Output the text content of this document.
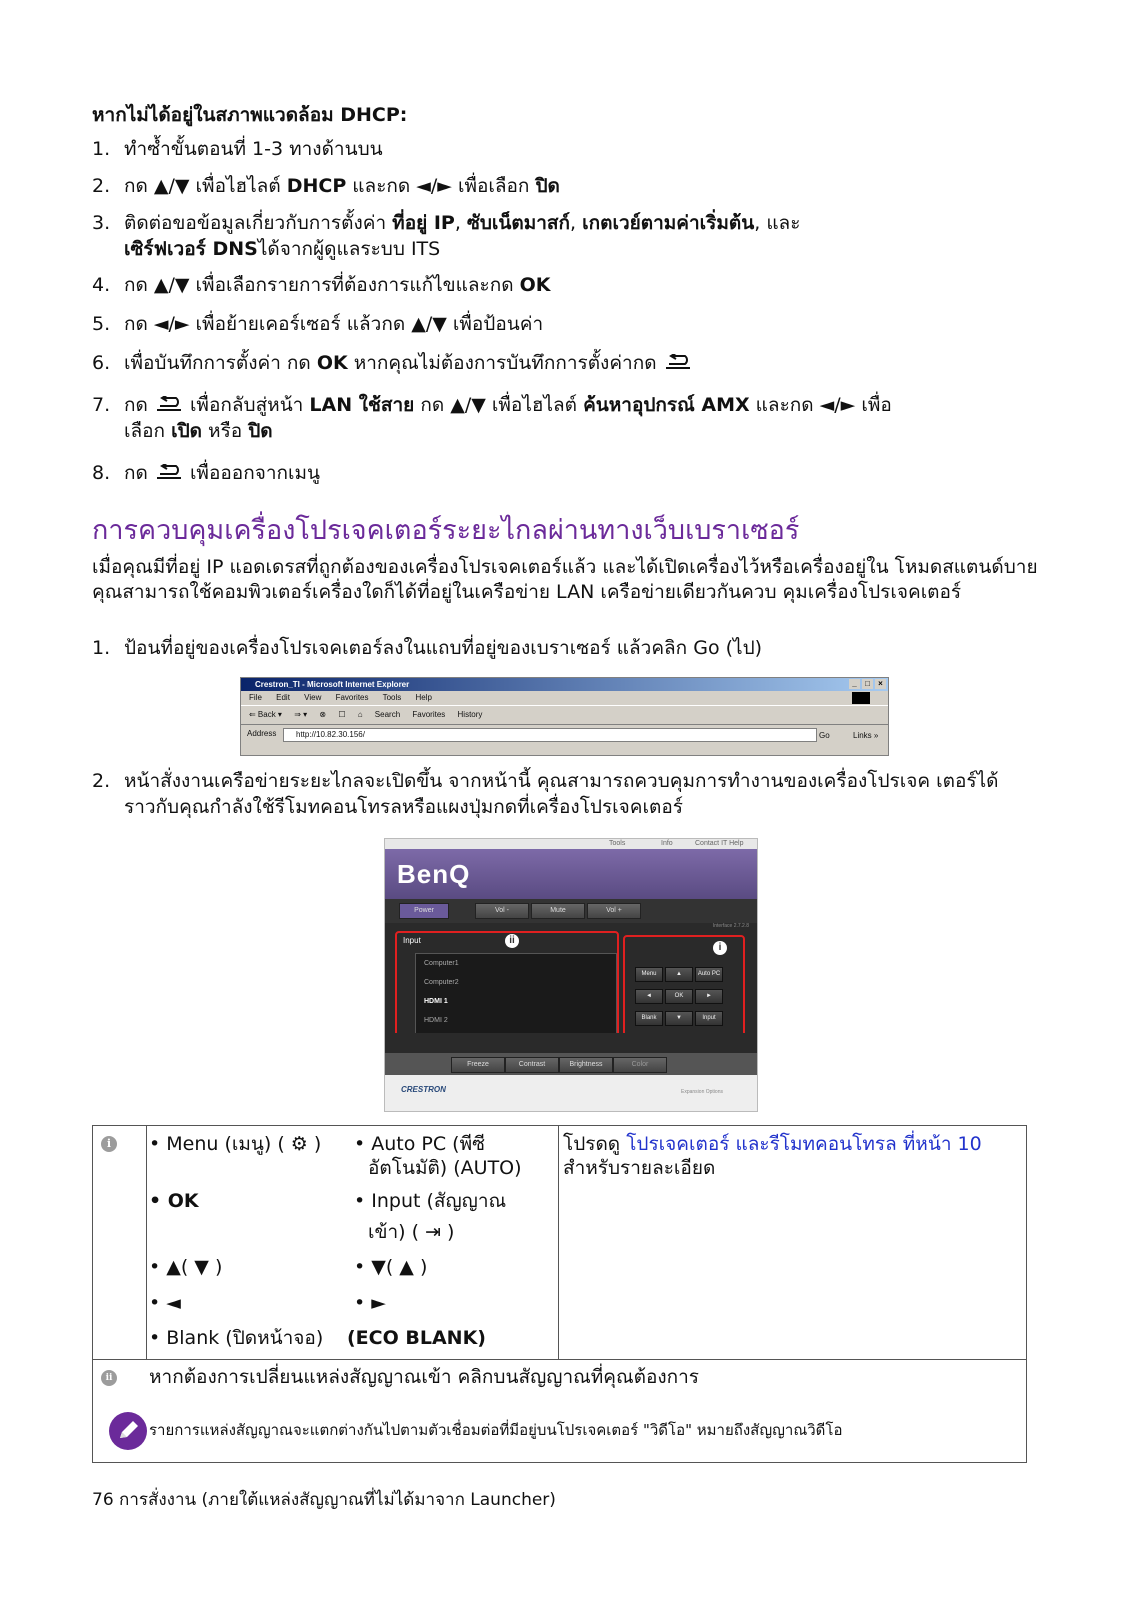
หากไม่ได้อยู่ในสภาพแวดล้อม DHCP:
1. ทำซ้ำขั้นตอนที่ 1-3 ทางด้านบน
2. กด ▲/▼ เพื่อไฮไลต์ DHCP และกด ◄/► เพื่อเลือก ปิด
3. ติดต่อขอข้อมูลเกี่ยวกับการตั้งค่า ที่อยู่ IP, ซับเน็ตมาสก์, เกตเวย์ตามค่าเริ่มต้น, และ
เซิร์ฟเวอร์ DNSได้จากผู้ดูแลระบบ ITS
4. กด ▲/▼ เพื่อเลือกรายการที่ต้องการแก้ไขและกด OK
5. กด ◄/► เพื่อย้ายเคอร์เซอร์ แล้วกด ▲/▼ เพื่อป้อนค่า
6. เพื่อบันทึกการตั้งค่า กด OK หากคุณไม่ต้องการบันทึกการตั้งค่ากด
7. กด เพื่อกลับสู่หน้า LAN ใช้สาย กด ▲/▼ เพื่อไฮไลต์ ค้นหาอุปกรณ์ AMX และกด ◄/► เพื่อ
เลือก เปิด หรือ ปิด
8. กด เพื่อออกจากเมนู
การควบคุมเครื่องโปรเจคเตอร์ระยะไกลผ่านทางเว็บเบราเซอร์
เมื่อคุณมีที่อยู่ IP แอดเดรสที่ถูกต้องของเครื่องโปรเจคเตอร์แล้ว และได้เปิดเครื่องไว้หรือเครื่องอยู่ใน โหมดสแตนด์บาย คุณสามารถใช้คอมพิวเตอร์เครื่องใดก็ได้ที่อยู่ในเครือข่าย LAN เครือข่ายเดียวกันควบ คุมเครื่องโปรเจคเตอร์
1. ป้อนที่อยู่ของเครื่องโปรเจคเตอร์ลงในแถบที่อยู่ของเบราเซอร์ แล้วคลิก Go (ไป)
Crestron_TI - Microsoft Internet Explorer	_	□	×
File Edit View Favorites Tools Help
⇐ Back ▾ ⇒ ▾ ⊗ ☐ ⌂ Search Favorites History
Address	http://10.82.30.156/	Go	Links »
2. หน้าสั่งงานเครือข่ายระยะไกลจะเปิดขึ้น จากหน้านี้ คุณสามารถควบคุมการทำงานของเครื่องโปรเจค เตอร์ได้ราวกับคุณกำลังใช้รีโมทคอนโทรลหรือแผงปุ่มกดที่เครื่องโปรเจคเตอร์
Tools	Info	Contact IT Help
BenQ
Power	Vol -	Mute	Vol +
Interface 2.7.2.8
Input	ii
Computer1
Computer2
HDMI 1
HDMI 2
i
Menu	▲	Auto PC
◄	OK	►
Blank	▼	Input
Freeze	Contrast	Brightness	Color
CRESTRON	Expansion Options
i	• Menu (เมนู) ( ⚙ )
• OK
• ▲( ▼ )
• ◄
• Blank (ปิดหน้าจอ)
• Auto PC (พีซี
อัตโนมัติ) (AUTO)
• Input (สัญญาณ
เข้า) ( ⇥ )
• ▼( ▲ )
• ►
(ECO BLANK)
โปรดดู โปรเจคเตอร์ และรีโมทคอนโทรล ที่หน้า 10
สำหรับรายละเอียด
ii หากต้องการเปลี่ยนแหล่งสัญญาณเข้า คลิกบนสัญญาณที่คุณต้องการ
รายการแหล่งสัญญาณจะแตกต่างกันไปตามตัวเชื่อมต่อที่มีอยู่บนโปรเจคเตอร์ "วิดีโอ" หมายถึงสัญญาณวิดีโอ
76 การสั่งงาน (ภายใต้แหล่งสัญญาณที่ไม่ได้มาจาก Launcher)
